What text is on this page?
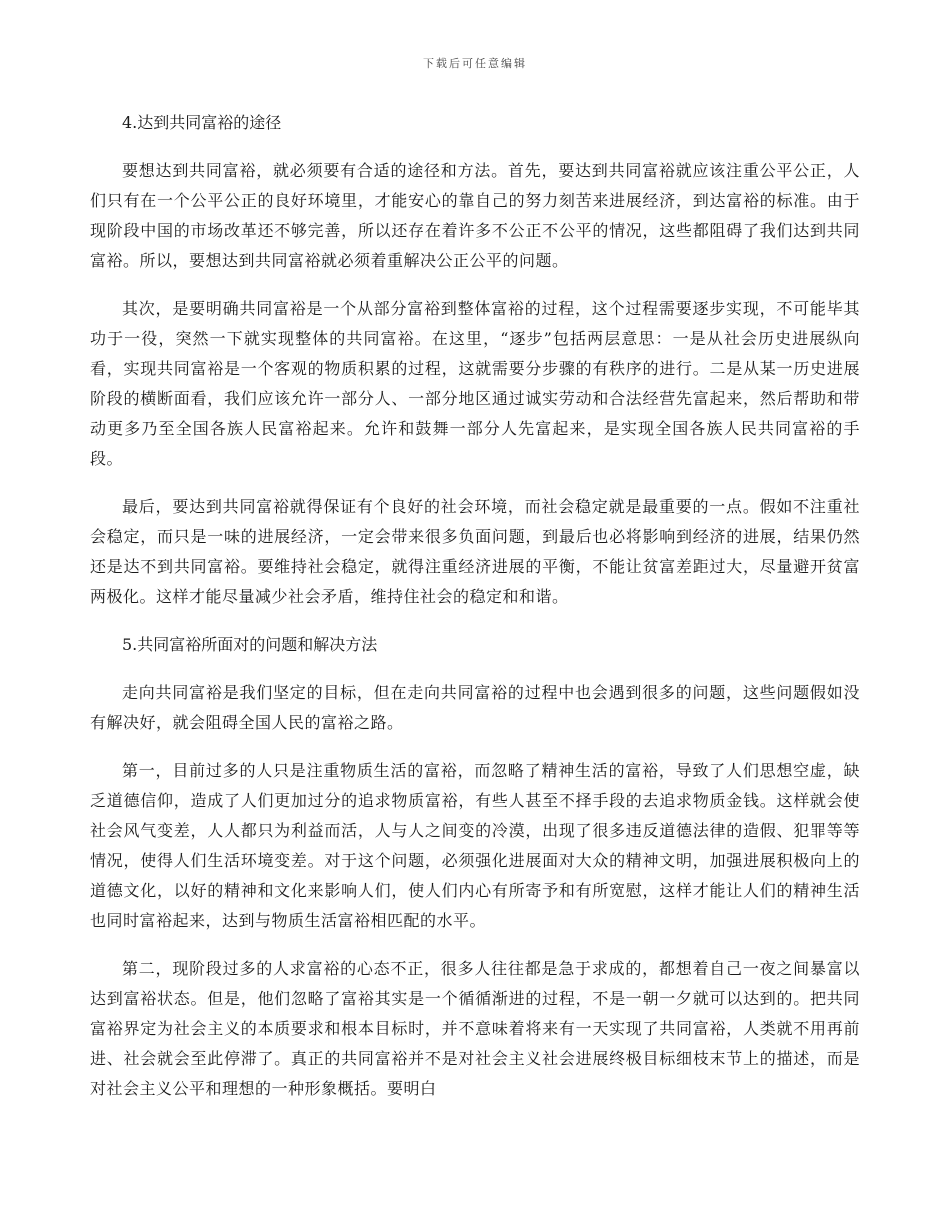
下载后可任意编辑
4.达到共同富裕的途径

要想达到共同富裕，就必须要有合适的途径和方法。首先，要达到共同富裕就应该注重公平公正，人们只有在一个公平公正的良好环境里，才能安心的靠自己的努力刻苦来进展经济，到达富裕的标准。由于现阶段中国的市场改革还不够完善，所以还存在着许多不公正不公平的情况，这些都阻碍了我们达到共同富裕。所以，要想达到共同富裕就必须着重解决公正公平的问题。

其次，是要明确共同富裕是一个从部分富裕到整体富裕的过程，这个过程需要逐步实现，不可能毕其功于一役，突然一下就实现整体的共同富裕。在这里，“逐步”包括两层意思：一是从社会历史进展纵向看，实现共同富裕是一个客观的物质积累的过程，这就需要分步骤的有秩序的进行。二是从某一历史进展阶段的横断面看，我们应该允许一部分人、一部分地区通过诚实劳动和合法经营先富起来，然后帮助和带动更多乃至全国各族人民富裕起来。允许和鼓舞一部分人先富起来，是实现全国各族人民共同富裕的手段。

最后，要达到共同富裕就得保证有个良好的社会环境，而社会稳定就是最重要的一点。假如不注重社会稳定，而只是一味的进展经济，一定会带来很多负面问题，到最后也必将影响到经济的进展，结果仍然还是达不到共同富裕。要维持社会稳定，就得注重经济进展的平衡，不能让贫富差距过大，尽量避开贫富两极化。这样才能尽量减少社会矛盾，维持住社会的稳定和和谐。

5.共同富裕所面对的问题和解决方法

走向共同富裕是我们坚定的目标，但在走向共同富裕的过程中也会遇到很多的问题，这些问题假如没有解决好，就会阻碍全国人民的富裕之路。

第一，目前过多的人只是注重物质生活的富裕，而忽略了精神生活的富裕，导致了人们思想空虚，缺乏道德信仰，造成了人们更加过分的追求物质富裕，有些人甚至不择手段的去追求物质金钱。这样就会使社会风气变差，人人都只为利益而活，人与人之间变的冷漠，出现了很多违反道德法律的造假、犯罪等等情况，使得人们生活环境变差。对于这个问题，必须强化进展面对大众的精神文明，加强进展积极向上的道德文化，以好的精神和文化来影响人们，使人们内心有所寄予和有所宽慰，这样才能让人们的精神生活也同时富裕起来，达到与物质生活富裕相匹配的水平。

第二，现阶段过多的人求富裕的心态不正，很多人往往都是急于求成的，都想着自己一夜之间暴富以达到富裕状态。但是，他们忽略了富裕其实是一个循循渐进的过程，不是一朝一夕就可以达到的。把共同富裕界定为社会主义的本质要求和根本目标时，并不意味着将来有一天实现了共同富裕，人类就不用再前进、社会就会至此停滞了。真正的共同富裕并不是对社会主义社会进展终极目标细枝末节上的描述，而是对社会主义公平和理想的一种形象概括。要明白
